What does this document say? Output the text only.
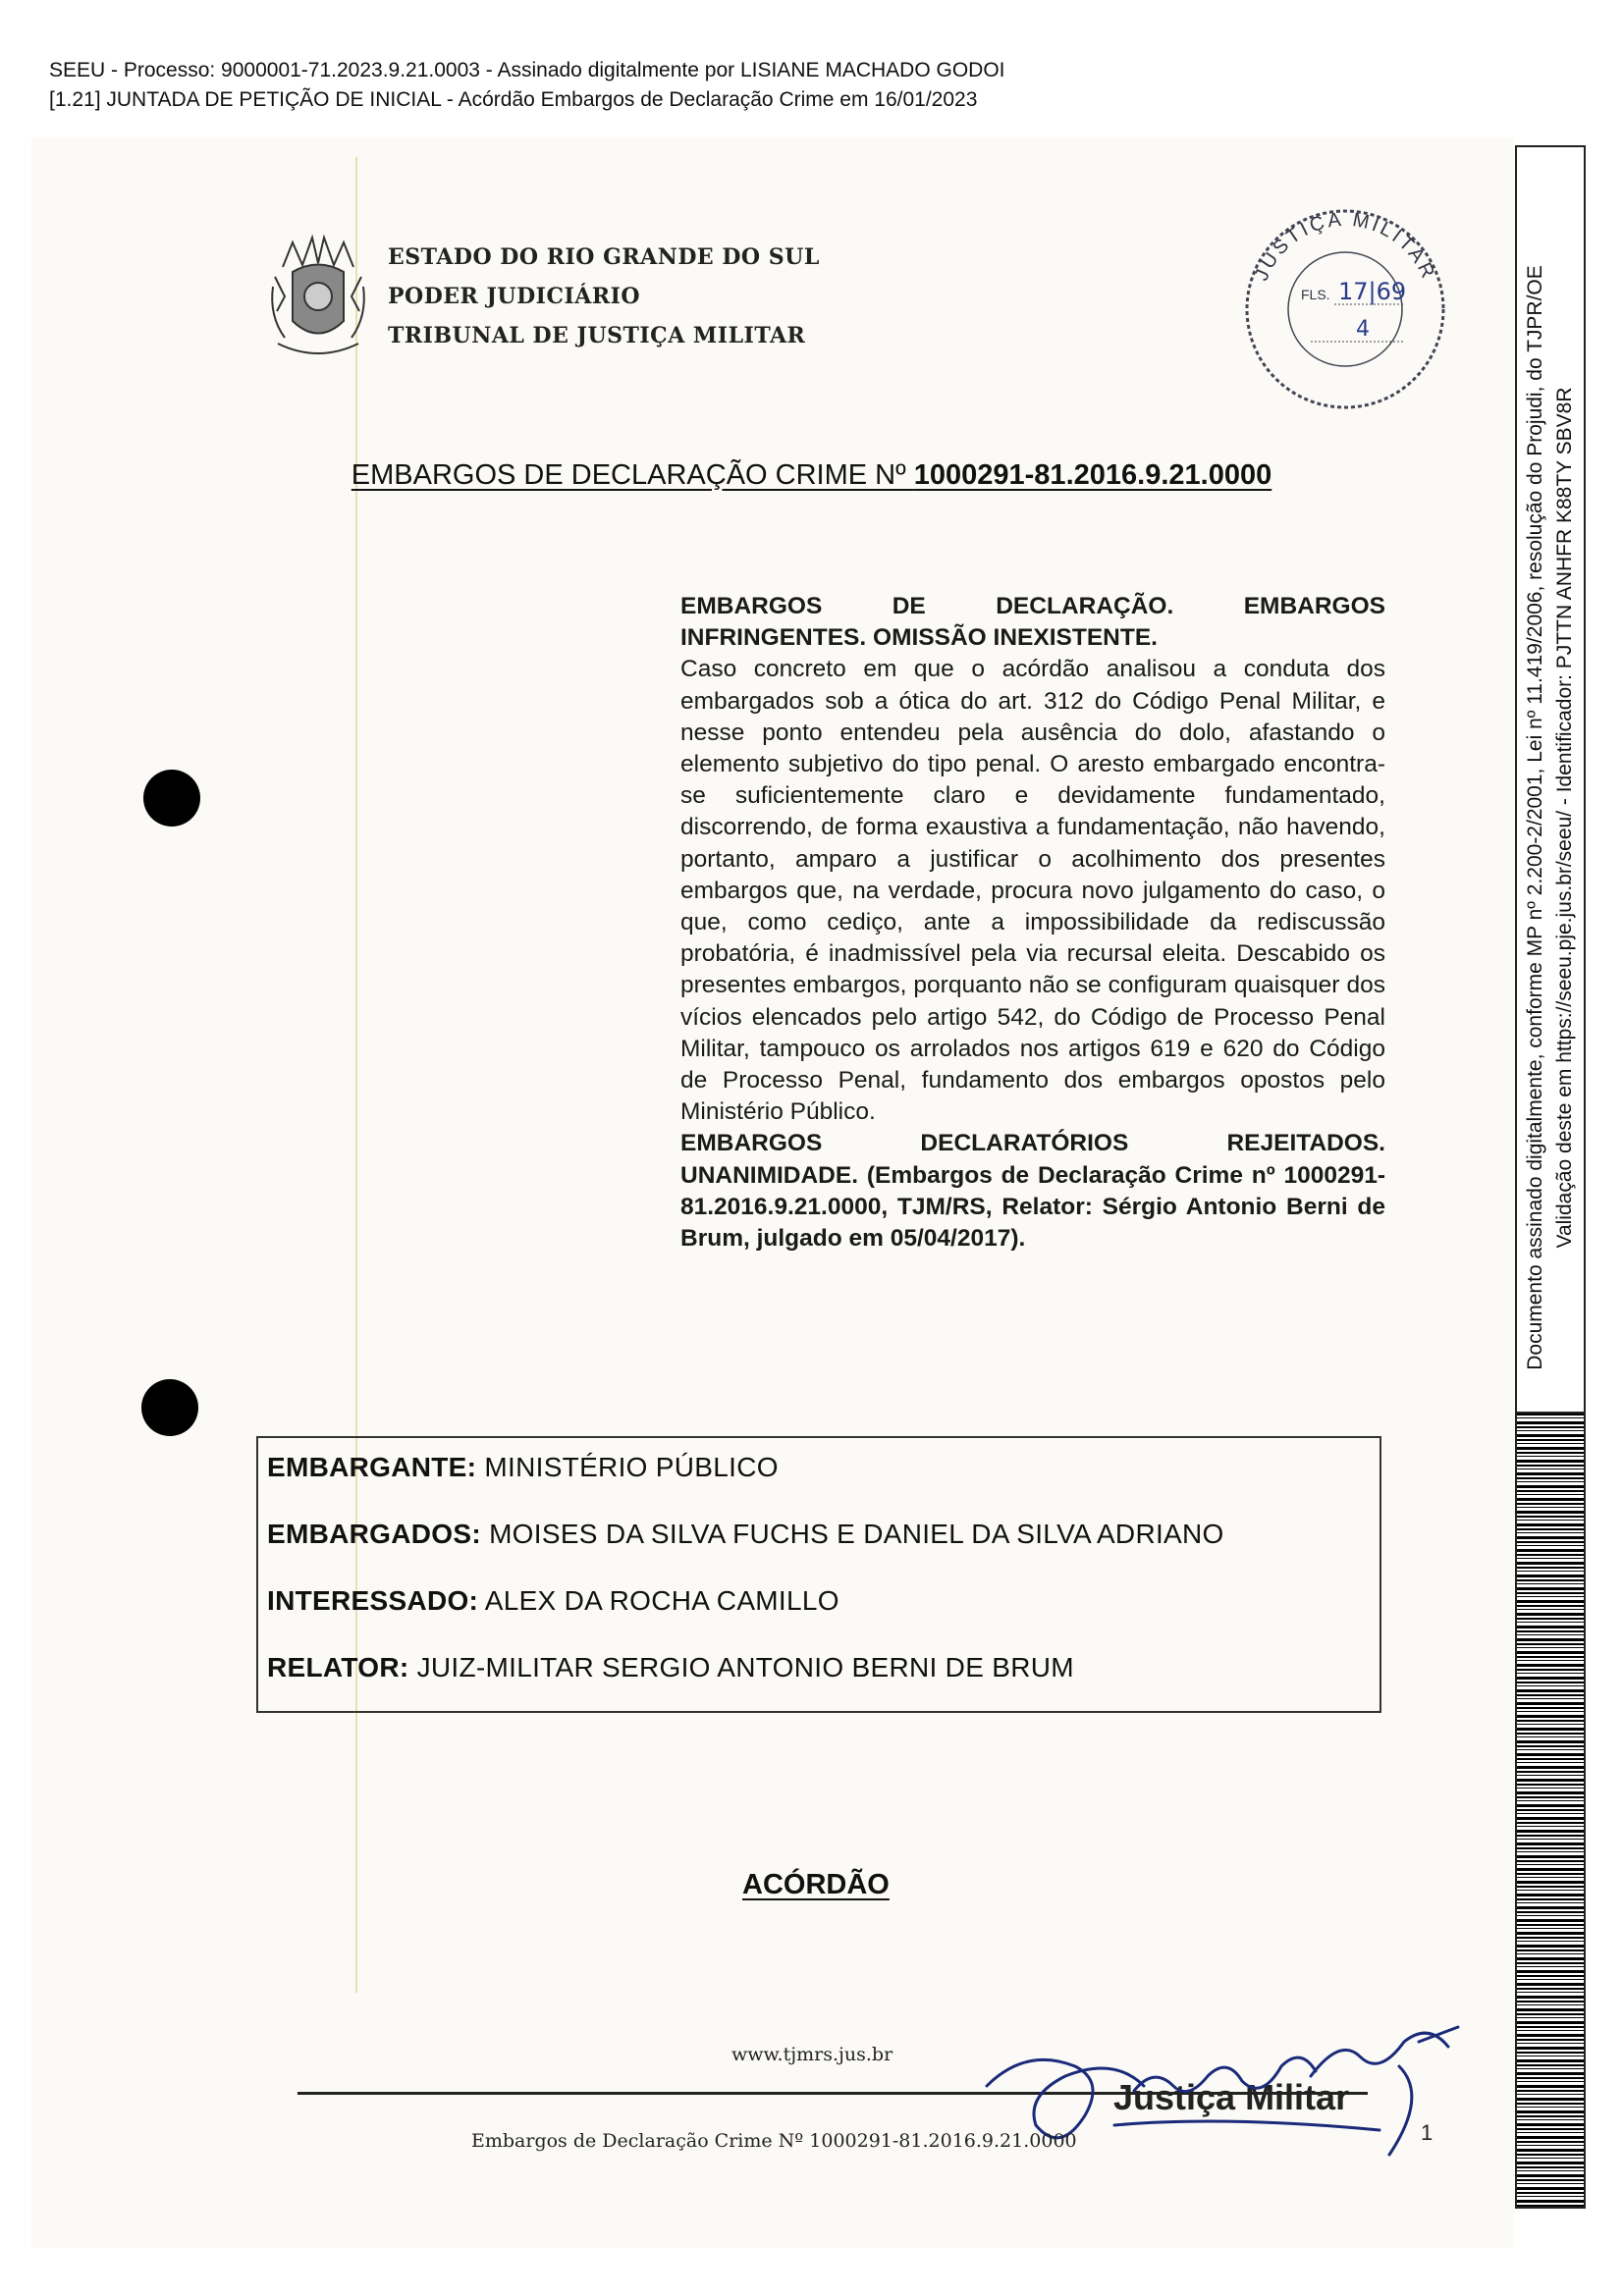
SEEU - Processo: 9000001-71.2023.9.21.0003 - Assinado digitalmente por LISIANE MACHADO GODOI
[1.21] JUNTADA DE PETIÇÃO DE INICIAL - Acórdão Embargos de Declaração Crime em 16/01/2023
ESTADO DO RIO GRANDE DO SUL
PODER JUDICIÁRIO
TRIBUNAL DE JUSTIÇA MILITAR
JUSTIÇA MILITAR
FLS. 17|69
4
EMBARGOS DE DECLARAÇÃO CRIME Nº 1000291-81.2016.9.21.0000

EMBARGOS DE DECLARAÇÃO. EMBARGOS INFRINGENTES. OMISSÃO INEXISTENTE.

Caso concreto em que o acórdão analisou a conduta dos embargados sob a ótica do art. 312 do Código Penal Militar, e nesse ponto entendeu pela ausência do dolo, afastando o elemento subjetivo do tipo penal. O aresto embargado encontra-se suficientemente claro e devidamente fundamentado, discorrendo, de forma exaustiva a fundamentação, não havendo, portanto, amparo a justificar o acolhimento dos presentes embargos que, na verdade, procura novo julgamento do caso, o que, como cediço, ante a impossibilidade da rediscussão probatória, é inadmissível pela via recursal eleita. Descabido os presentes embargos, porquanto não se configuram quaisquer dos vícios elencados pelo artigo 542, do Código de Processo Penal Militar, tampouco os arrolados nos artigos 619 e 620 do Código de Processo Penal, fundamento dos embargos opostos pelo Ministério Público.

EMBARGOS DECLARATÓRIOS REJEITADOS. UNANIMIDADE. (Embargos de Declaração Crime nº 1000291-81.2016.9.21.0000, TJM/RS, Relator: Sérgio Antonio Berni de Brum, julgado em 05/04/2017).

EMBARGANTE: MINISTÉRIO PÚBLICO
EMBARGADOS: MOISES DA SILVA FUCHS E DANIEL DA SILVA ADRIANO
INTERESSADO: ALEX DA ROCHA CAMILLO
RELATOR: JUIZ-MILITAR SERGIO ANTONIO BERNI DE BRUM
ACÓRDÃO
www.tjmrs.jus.br
Justiça Militar
Embargos de Declaração Crime Nº 1000291-81.2016.9.21.0000	1
Documento assinado digitalmente, conforme MP nº 2.200-2/2001, Lei nº 11.419/2006, resolução do Projudi, do TJPR/OE Validação deste em https://seeu.pje.jus.br/seeu/ - Identificador: PJTTN ANHFR K88TY SBV8R
